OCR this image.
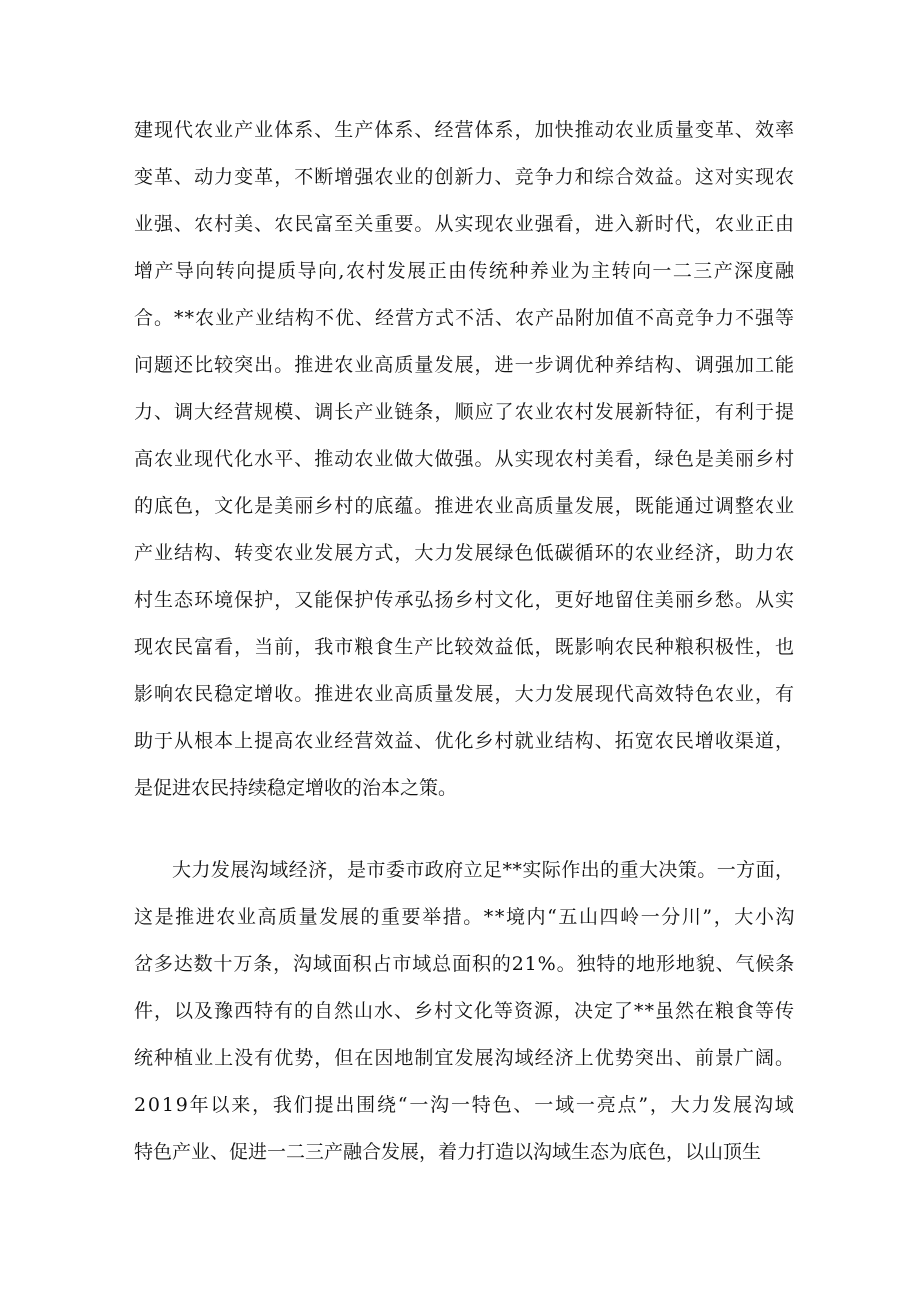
建现代农业产业体系、生产体系、经营体系，加快推动农业质量变革、效率
变革、动力变革，不断增强农业的创新力、竞争力和综合效益。这对实现农
业强、农村美、农民富至关重要。从实现农业强看，进入新时代，农业正由
增产导向转向提质导向,农村发展正由传统种养业为主转向一二三产深度融
合。**农业产业结构不优、经营方式不活、农产品附加值不高竞争力不强等
问题还比较突出。推进农业高质量发展，进一步调优种养结构、调强加工能
力、调大经营规模、调长产业链条，顺应了农业农村发展新特征，有利于提
高农业现代化水平、推动农业做大做强。从实现农村美看，绿色是美丽乡村
的底色，文化是美丽乡村的底蕴。推进农业高质量发展，既能通过调整农业
产业结构、转变农业发展方式，大力发展绿色低碳循环的农业经济，助力农
村生态环境保护，又能保护传承弘扬乡村文化，更好地留住美丽乡愁。从实
现农民富看，当前，我市粮食生产比较效益低，既影响农民种粮积极性，也
影响农民稳定增收。推进农业高质量发展，大力发展现代高效特色农业，有
助于从根本上提高农业经营效益、优化乡村就业结构、拓宽农民增收渠道，
是促进农民持续稳定增收的治本之策。
大力发展沟域经济，是市委市政府立足**实际作出的重大决策。一方面，
这是推进农业高质量发展的重要举措。**境内“五山四岭一分川”，大小沟
岔多达数十万条，沟域面积占市域总面积的21%。独特的地形地貌、气候条
件，以及豫西特有的自然山水、乡村文化等资源，决定了**虽然在粮食等传
统种植业上没有优势，但在因地制宜发展沟域经济上优势突出、前景广阔。
2019年以来，我们提出围绕“一沟一特色、一域一亮点”，大力发展沟域
特色产业、促进一二三产融合发展，着力打造以沟域生态为底色，以山顶生
